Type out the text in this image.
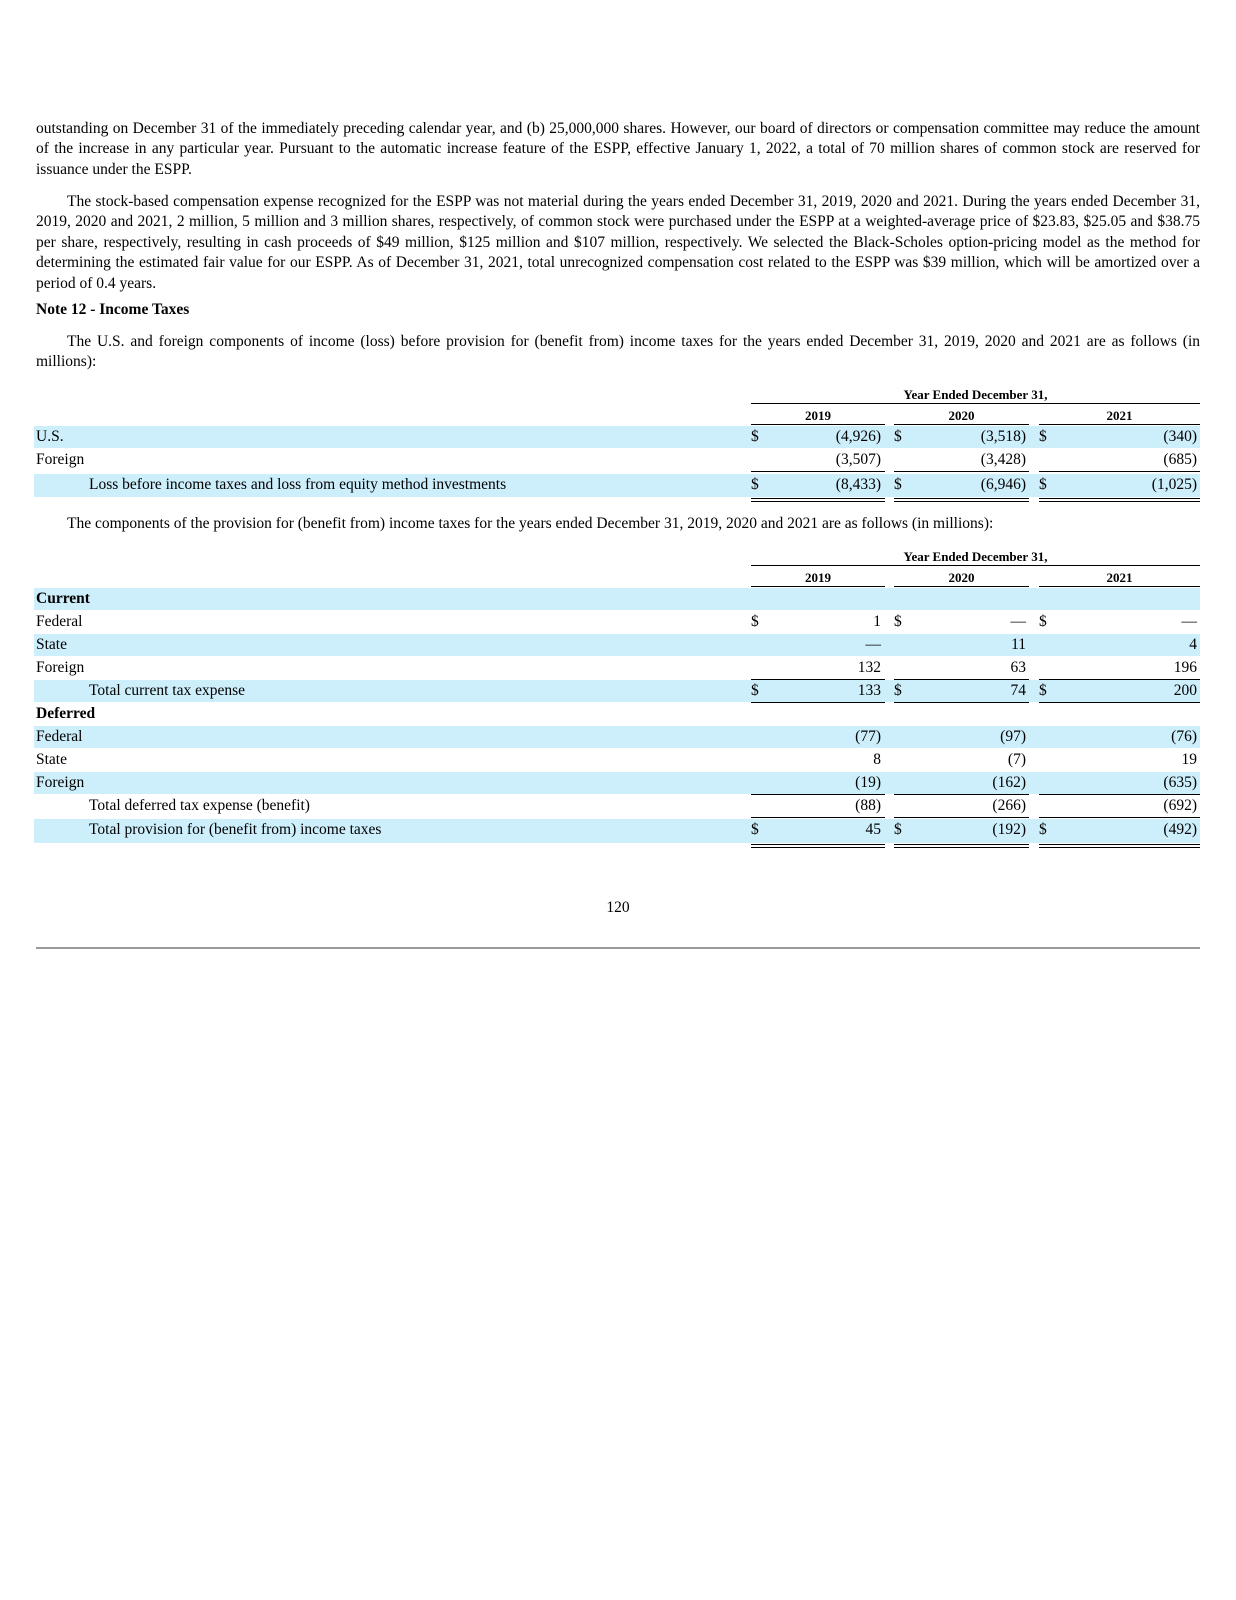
outstanding on December 31 of the immediately preceding calendar year, and (b) 25,000,000 shares. However, our board of directors or compensation committee may reduce the amount of the increase in any particular year. Pursuant to the automatic increase feature of the ESPP, effective January 1, 2022, a total of 70 million shares of common stock are reserved for issuance under the ESPP.

The stock-based compensation expense recognized for the ESPP was not material during the years ended December 31, 2019, 2020 and 2021. During the years ended December 31, 2019, 2020 and 2021, 2 million, 5 million and 3 million shares, respectively, of common stock were purchased under the ESPP at a weighted-average price of $23.83, $25.05 and $38.75 per share, respectively, resulting in cash proceeds of $49 million, $125 million and $107 million, respectively. We selected the Black-Scholes option-pricing model as the method for determining the estimated fair value for our ESPP. As of December 31, 2021, total unrecognized compensation cost related to the ESPP was $39 million, which will be amortized over a period of 0.4 years.

Note 12 - Income Taxes

The U.S. and foreign components of income (loss) before provision for (benefit from) income taxes for the years ended December 31, 2019, 2020 and 2021 are as follows (in millions):

Year Ended December 31,
2019	2020	2021
U.S.	$	(4,926) $	(3,518) $	(340)
Foreign	(3,507)	(3,428)	(685)
Loss before income taxes and loss from equity method investments	$	(8,433) $	(6,946) $	(1,025)

The components of the provision for (benefit from) income taxes for the years ended December 31, 2019, 2020 and 2021 are as follows (in millions):

Year Ended December 31,
2019	2020	2021
Current
Federal	$	1 $	— $	—
State	—	11	4
Foreign	132	63	196
Total current tax expense	$	133 $	74 $	200
Deferred
Federal	(77)	(97)	(76)
State	8	(7)	19
Foreign	(19)	(162)	(635)
Total deferred tax expense (benefit)	(88)	(266)	(692)
Total provision for (benefit from) income taxes	$	45 $	(192) $	(492)
120
